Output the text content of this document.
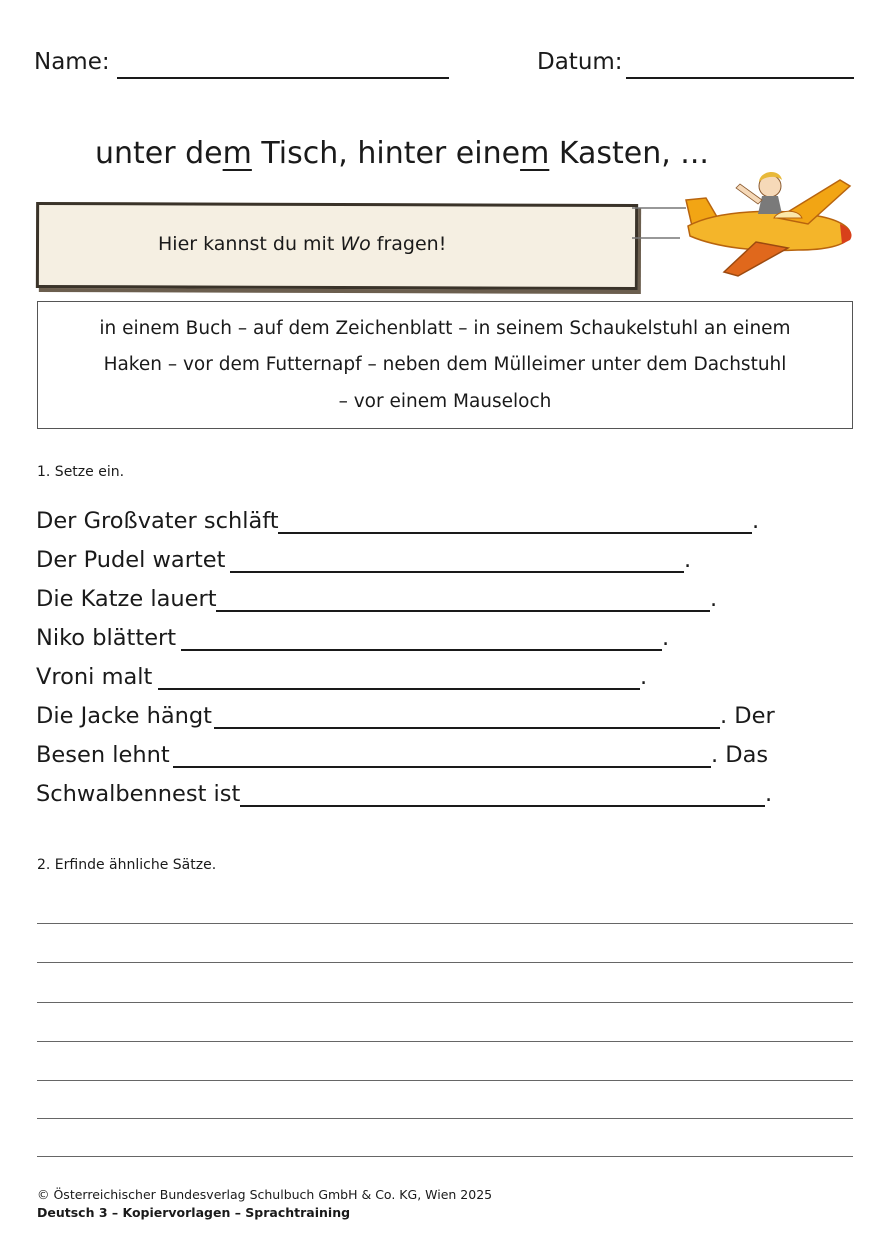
Name:	Datum:
unter dem Tisch, hinter einem Kasten, ...
Hier kannst du mit Wo fragen!
in einem Buch – auf dem Zeichenblatt – in seinem Schaukelstuhl an einem
Haken – vor dem Futternapf – neben dem Mülleimer unter dem Dachstuhl
– vor einem Mauseloch
1. Setze ein.
Der Großvater schläft	.
Der Pudel wartet	.
Die Katze lauert	.
Niko blättert	.
Vroni malt	.
Die Jacke hängt	. Der
Besen lehnt	. Das
Schwalbennest ist	.
2. Erfinde ähnliche Sätze.
© Österreichischer Bundesverlag Schulbuch GmbH & Co. KG, Wien 2025
Deutsch 3 – Kopiervorlagen – Sprachtraining
